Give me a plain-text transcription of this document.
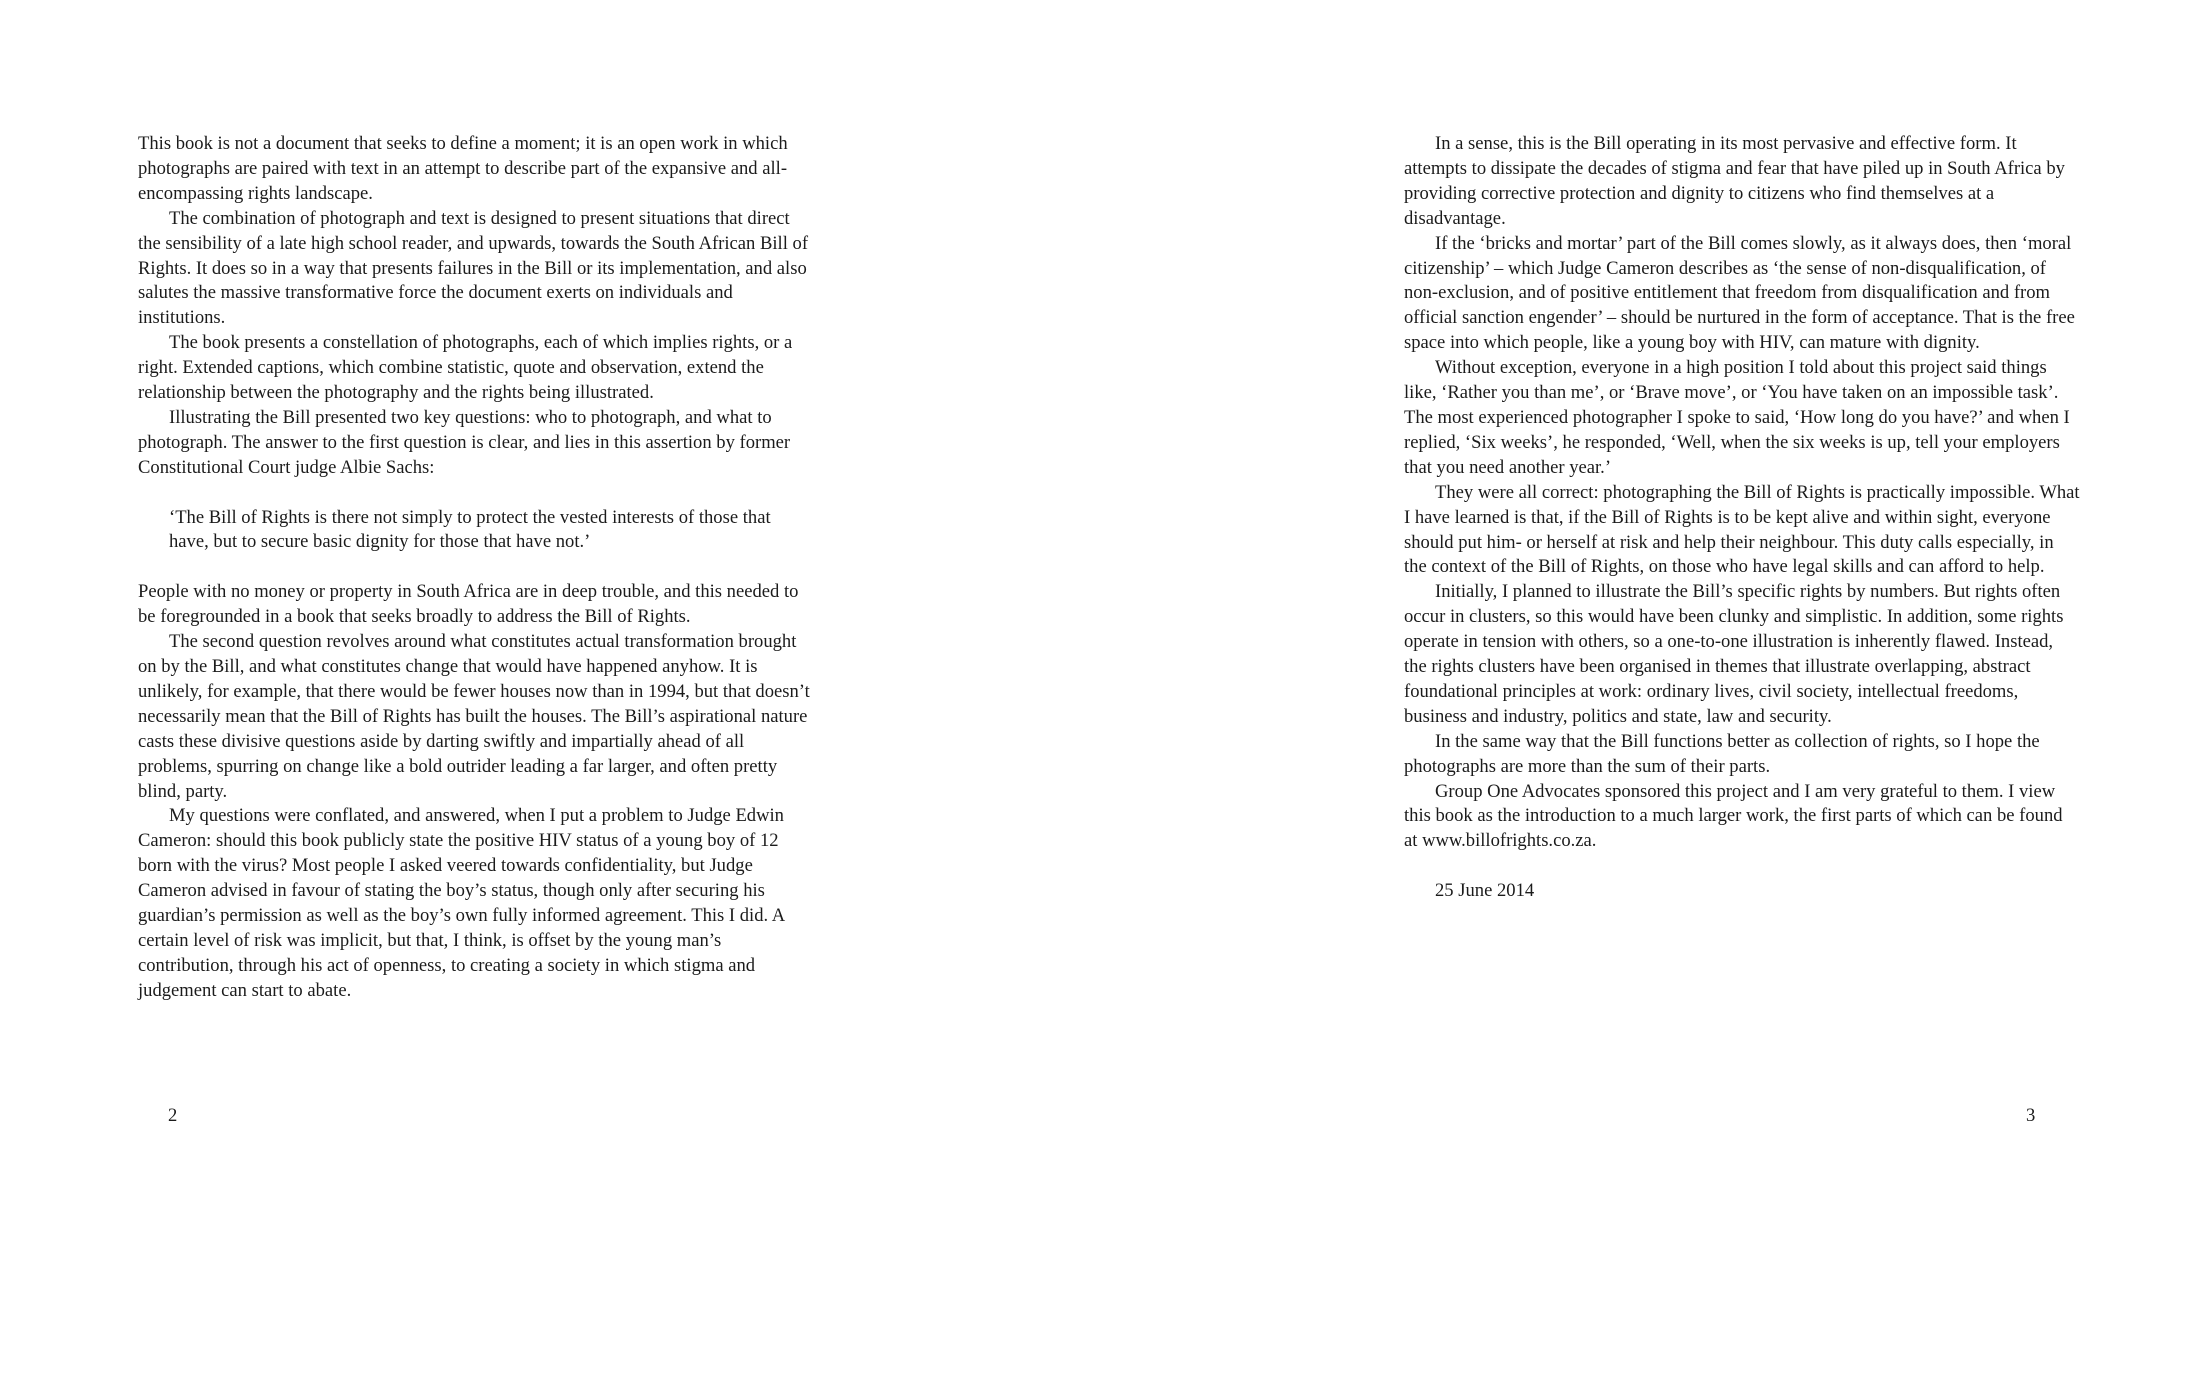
This book is not a document that seeks to define a moment; it is an open work in which photographs are paired with text in an attempt to describe part of the expansive and all-encompassing rights landscape.

The combination of photograph and text is designed to present situations that direct the sensibility of a late high school reader, and upwards, towards the South African Bill of Rights. It does so in a way that presents failures in the Bill or its implementation, and also salutes the massive transformative force the document exerts on individuals and institutions.

The book presents a constellation of photographs, each of which implies rights, or a right. Extended captions, which combine statistic, quote and observation, extend the relationship between the photography and the rights being illustrated.

Illustrating the Bill presented two key questions: who to photograph, and what to photograph. The answer to the first question is clear, and lies in this assertion by former Constitutional Court judge Albie Sachs:

‘The Bill of Rights is there not simply to protect the vested interests of those that have, but to secure basic dignity for those that have not.’

People with no money or property in South Africa are in deep trouble, and this needed to be foregrounded in a book that seeks broadly to address the Bill of Rights.

The second question revolves around what constitutes actual transformation brought on by the Bill, and what constitutes change that would have happened anyhow. It is unlikely, for example, that there would be fewer houses now than in 1994, but that doesn’t necessarily mean that the Bill of Rights has built the houses. The Bill’s aspirational nature casts these divisive questions aside by darting swiftly and impartially ahead of all problems, spurring on change like a bold outrider leading a far larger, and often pretty blind, party.

My questions were conflated, and answered, when I put a problem to Judge Edwin Cameron: should this book publicly state the positive HIV status of a young boy of 12 born with the virus? Most people I asked veered towards confidentiality, but Judge Cameron advised in favour of stating the boy’s status, though only after securing his guardian’s permission as well as the boy’s own fully informed agreement. This I did. A certain level of risk was implicit, but that, I think, is offset by the young man’s contribution, through his act of openness, to creating a society in which stigma and judgement can start to abate.

2

In a sense, this is the Bill operating in its most pervasive and effective form. It attempts to dissipate the decades of stigma and fear that have piled up in South Africa by providing corrective protection and dignity to citizens who find themselves at a disadvantage.

If the ‘bricks and mortar’ part of the Bill comes slowly, as it always does, then ‘moral citizenship’ – which Judge Cameron describes as ‘the sense of non-disqualification, of non-exclusion, and of positive entitlement that freedom from disqualification and from official sanction engender’ – should be nurtured in the form of acceptance. That is the free space into which people, like a young boy with HIV, can mature with dignity.

Without exception, everyone in a high position I told about this project said things like, ‘Rather you than me’, or ‘Brave move’, or ‘You have taken on an impossible task’. The most experienced photographer I spoke to said, ‘How long do you have?’ and when I replied, ‘Six weeks’, he responded, ‘Well, when the six weeks is up, tell your employers that you need another year.’

They were all correct: photographing the Bill of Rights is practically impossible. What I have learned is that, if the Bill of Rights is to be kept alive and within sight, everyone should put him- or herself at risk and help their neighbour. This duty calls especially, in the context of the Bill of Rights, on those who have legal skills and can afford to help.

Initially, I planned to illustrate the Bill’s specific rights by numbers. But rights often occur in clusters, so this would have been clunky and simplistic. In addition, some rights operate in tension with others, so a one-to-one illustration is inherently flawed. Instead, the rights clusters have been organised in themes that illustrate overlapping, abstract foundational principles at work: ordinary lives, civil society, intellectual freedoms, business and industry, politics and state, law and security.

In the same way that the Bill functions better as collection of rights, so I hope the photographs are more than the sum of their parts.

Group One Advocates sponsored this project and I am very grateful to them. I view this book as the introduction to a much larger work, the first parts of which can be found at www.billofrights.co.za.

25 June 2014

3
